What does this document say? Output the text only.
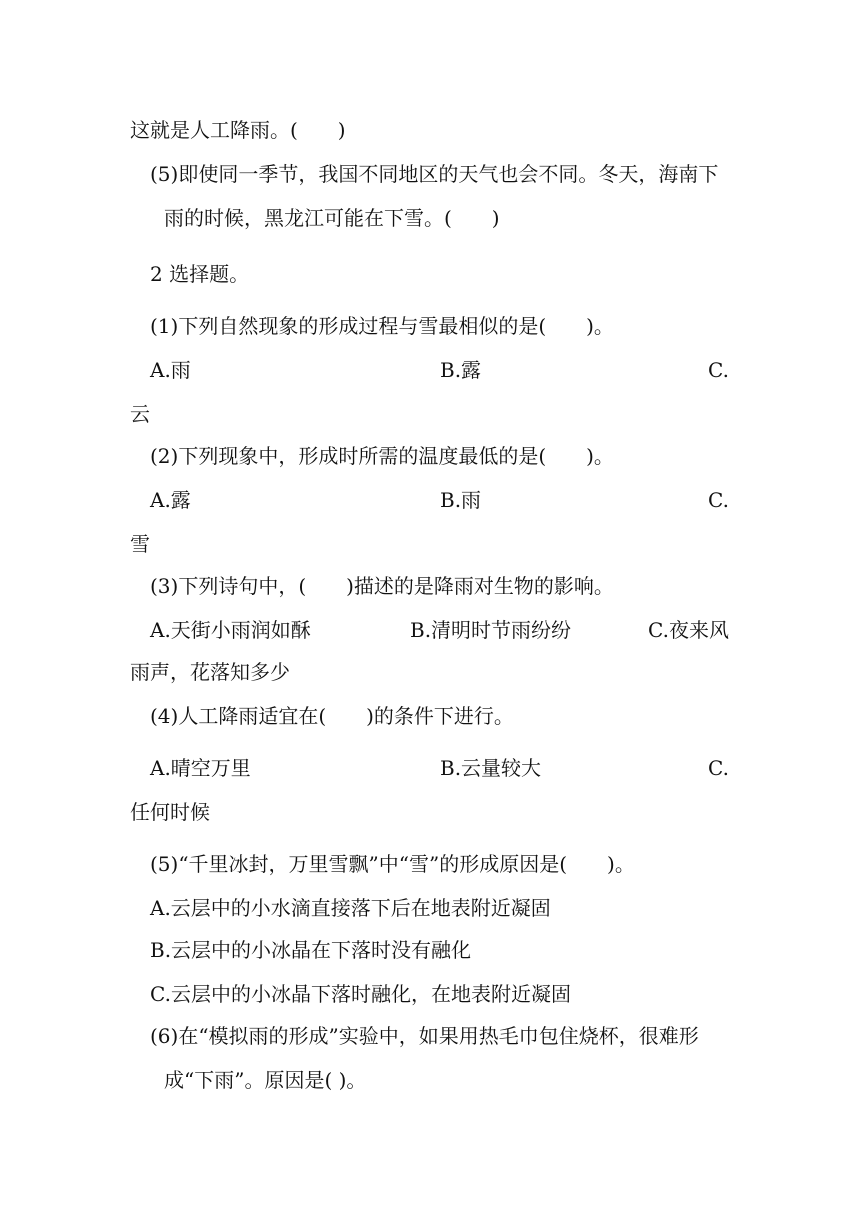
这就是人工降雨。(　　)
(5)即使同一季节，我国不同地区的天气也会不同。冬天，海南下
雨的时候，黑龙江可能在下雪。(　　)
2 选择题。
(1)下列自然现象的形成过程与雪最相似的是(　　)。
A.雨	B.露	C.
云
(2)下列现象中，形成时所需的温度最低的是(　　)。
A.露	B.雨	C.
雪
(3)下列诗句中，(　　)描述的是降雨对生物的影响。
A.天街小雨润如酥	B.清明时节雨纷纷	C.夜来风
雨声，花落知多少
(4)人工降雨适宜在(　　)的条件下进行。
A.晴空万里	B.云量较大	C.
任何时候
(5)“千里冰封，万里雪飘”中“雪”的形成原因是(　　)。
A.云层中的小水滴直接落下后在地表附近凝固
B.云层中的小冰晶在下落时没有融化
C.云层中的小冰晶下落时融化，在地表附近凝固
(6)在“模拟雨的形成”实验中，如果用热毛巾包住烧杯，很难形
成“下雨”。原因是( )。
